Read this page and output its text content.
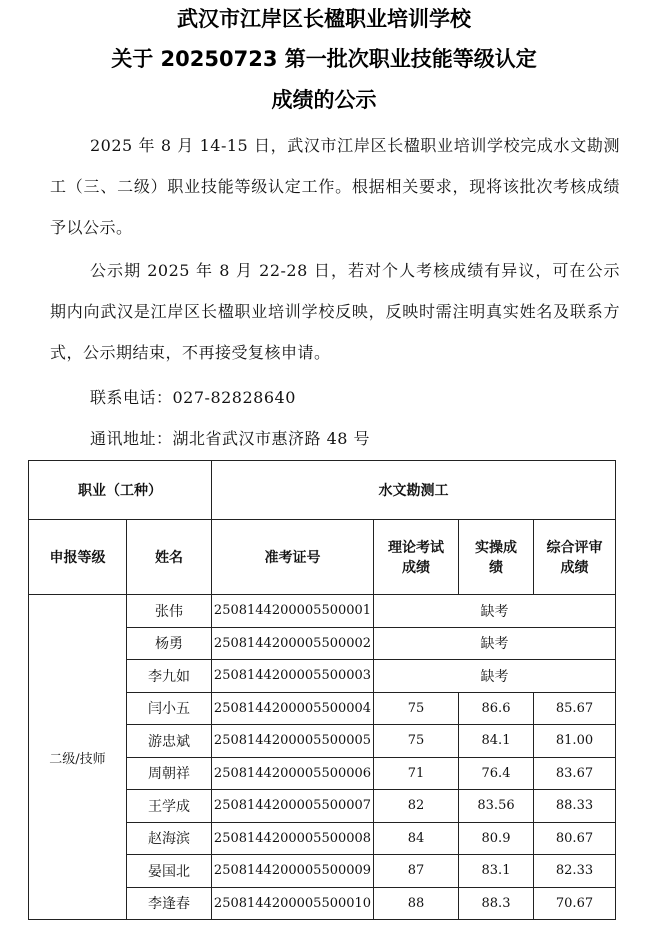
武汉市江岸区长楹职业培训学校
关于 20250723 第一批次职业技能等级认定
成绩的公示
2025 年 8 月 14-15 日，武汉市江岸区长楹职业培训学校完成水文勘测工（三、二级）职业技能等级认定工作。根据相关要求，现将该批次考核成绩予以公示。
公示期 2025 年 8 月 22-28 日，若对个人考核成绩有异议，可在公示期内向武汉是江岸区长楹职业培训学校反映，反映时需注明真实姓名及联系方式，公示期结束，不再接受复核申请。
联系电话：027-82828640
通讯地址：湖北省武汉市惠济路 48 号
职业（工种）		水文勘测工			
申报等级	姓名	准考证号	理论考试成绩	实操成绩	综合评审成绩
二级/技师	张伟	2508144200005500001	缺考		
	杨勇	2508144200005500002	缺考		
	李九如	2508144200005500003	缺考		
	闫小五	2508144200005500004	75	86.6	85.67
	游忠斌	2508144200005500005	75	84.1	81.00
	周朝祥	2508144200005500006	71	76.4	83.67
	王学成	2508144200005500007	82	83.56	88.33
	赵海滨	2508144200005500008	84	80.9	80.67
	晏国北	2508144200005500009	87	83.1	82.33
	李逢春	2508144200005500010	88	88.3	70.67
